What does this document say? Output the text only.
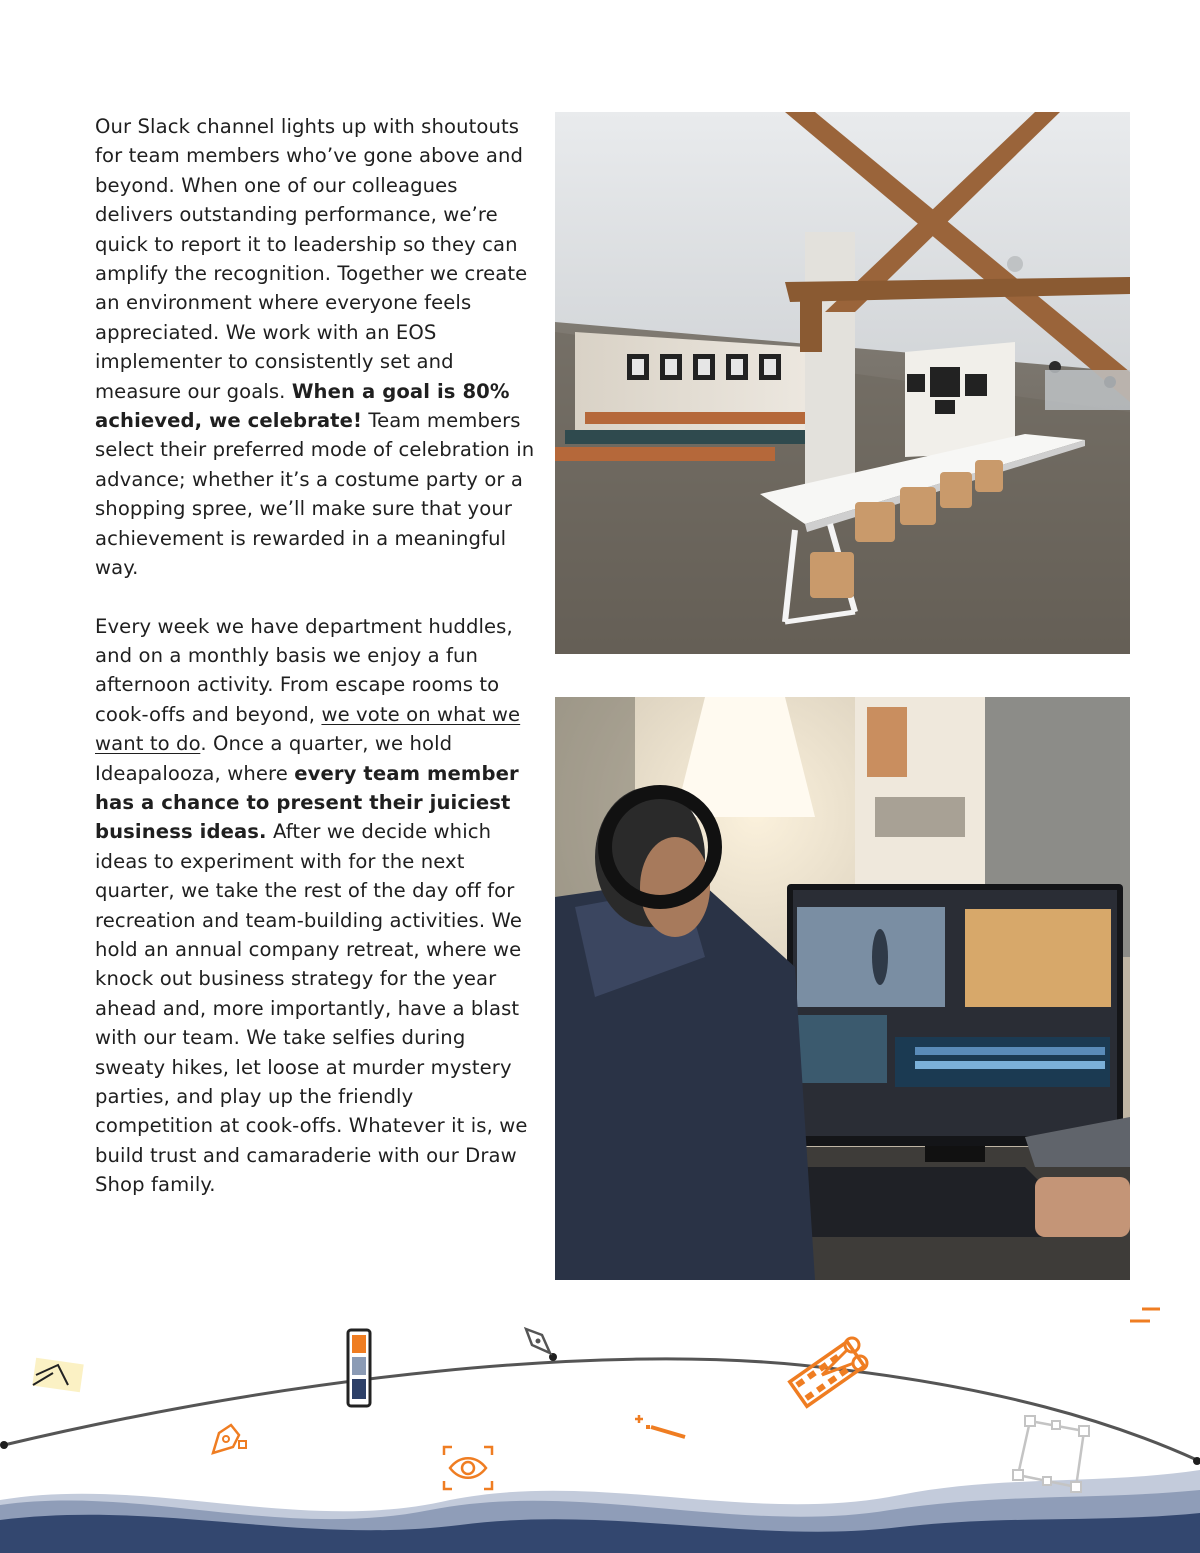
Our Slack channel lights up with shoutouts for team members who’ve gone above and beyond. When one of our colleagues delivers outstanding performance, we’re quick to report it to leadership so they can amplify the recognition. Together we create an environment where everyone feels appreciated. We work with an EOS implementer to consistently set and measure our goals. When a goal is 80% achieved, we celebrate! Team members select their preferred mode of celebration in advance; whether it’s a costume party or a shopping spree, we’ll make sure that your achievement is rewarded in a meaningful way.

Every week we have department huddles, and on a monthly basis we enjoy a fun afternoon activity. From escape rooms to cook-offs and beyond, we vote on what we want to do. Once a quarter, we hold Ideapalooza, where every team member has a chance to present their juiciest business ideas. After we decide which ideas to experiment with for the next quarter, we take the rest of the day off for recreation and team-building activities. We hold an annual company retreat, where we knock out business strategy for the year ahead and, more importantly, have a blast with our team. We take selfies during sweaty hikes, let loose at murder mystery parties, and play up the friendly competition at cook-offs. Whatever it is, we build trust and camaraderie with our Draw Shop family.
